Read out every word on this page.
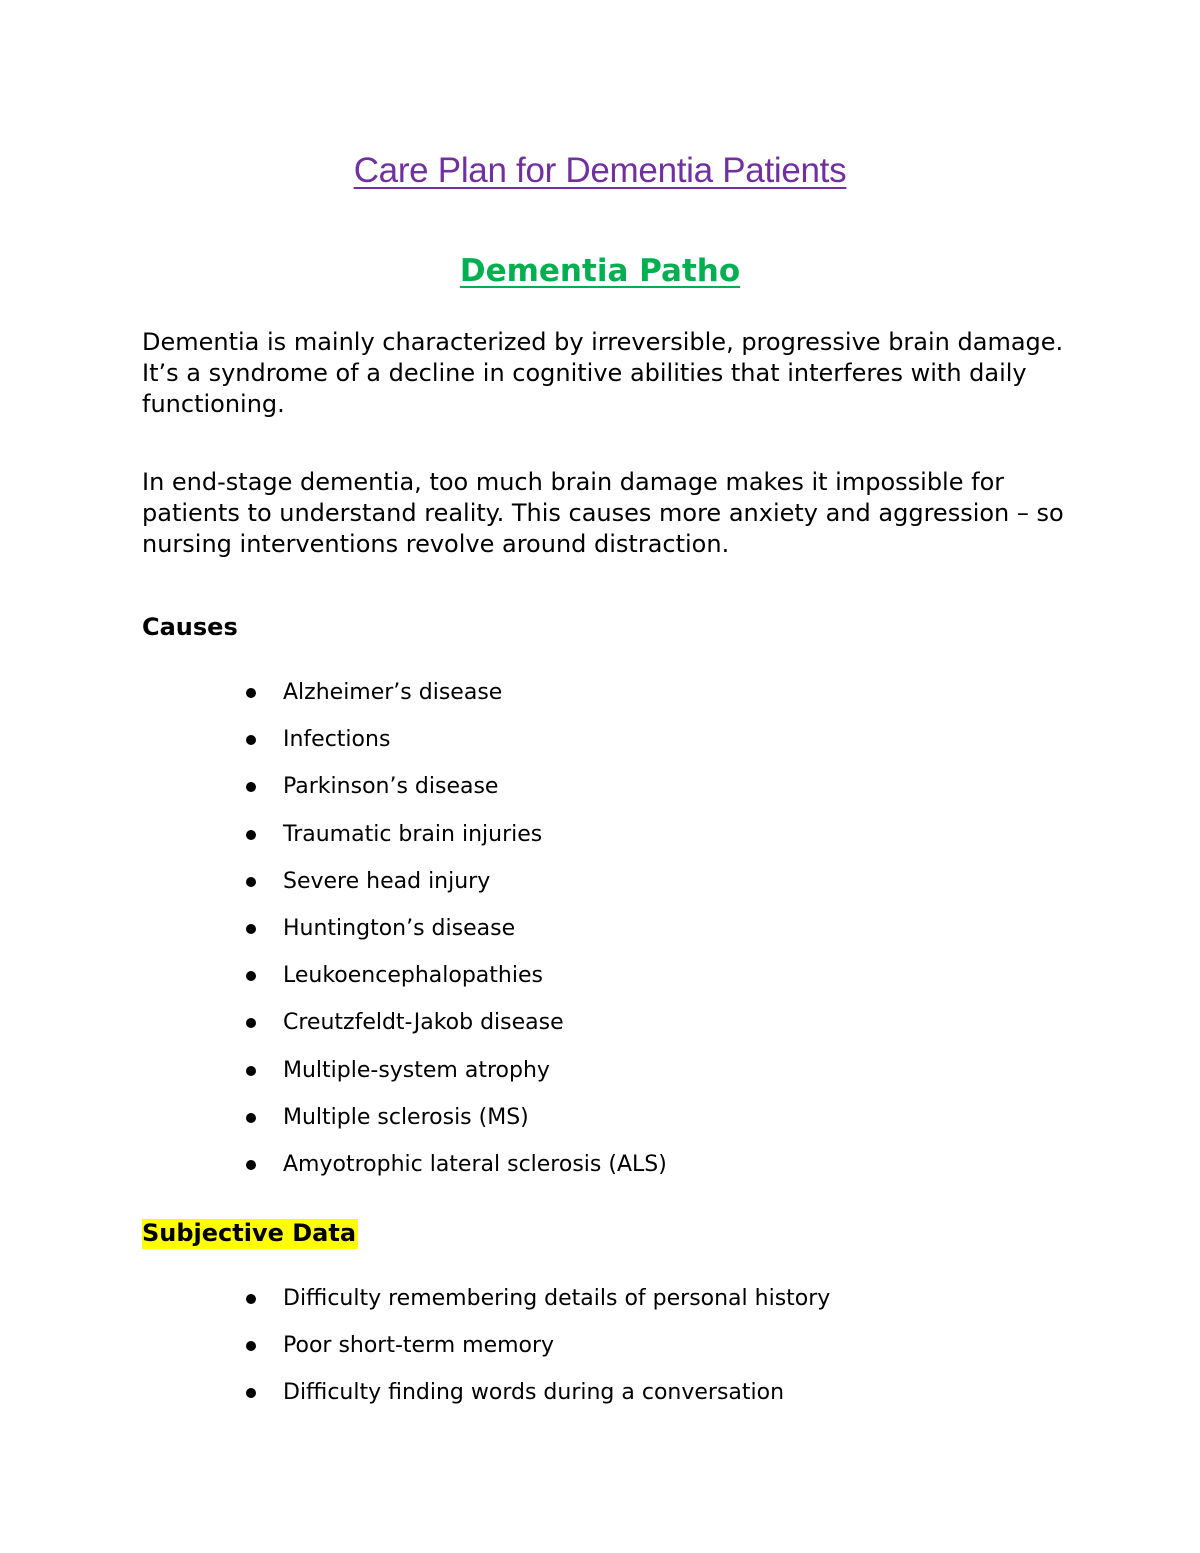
Care Plan for Dementia Patients
Dementia Patho

Dementia is mainly characterized by irreversible, progressive brain damage. It’s a syndrome of a decline in cognitive abilities that interferes with daily functioning.

In end-stage dementia, too much brain damage makes it impossible for patients to understand reality. This causes more anxiety and aggression – so nursing interventions revolve around distraction.

Causes

Alzheimer’s disease
Infections
Parkinson’s disease
Traumatic brain injuries
Severe head injury
Huntington’s disease
Leukoencephalopathies
Creutzfeldt-Jakob disease
Multiple-system atrophy
Multiple sclerosis (MS)
Amyotrophic lateral sclerosis (ALS)

Subjective Data

Difficulty remembering details of personal history
Poor short-term memory
Difficulty finding words during a conversation
